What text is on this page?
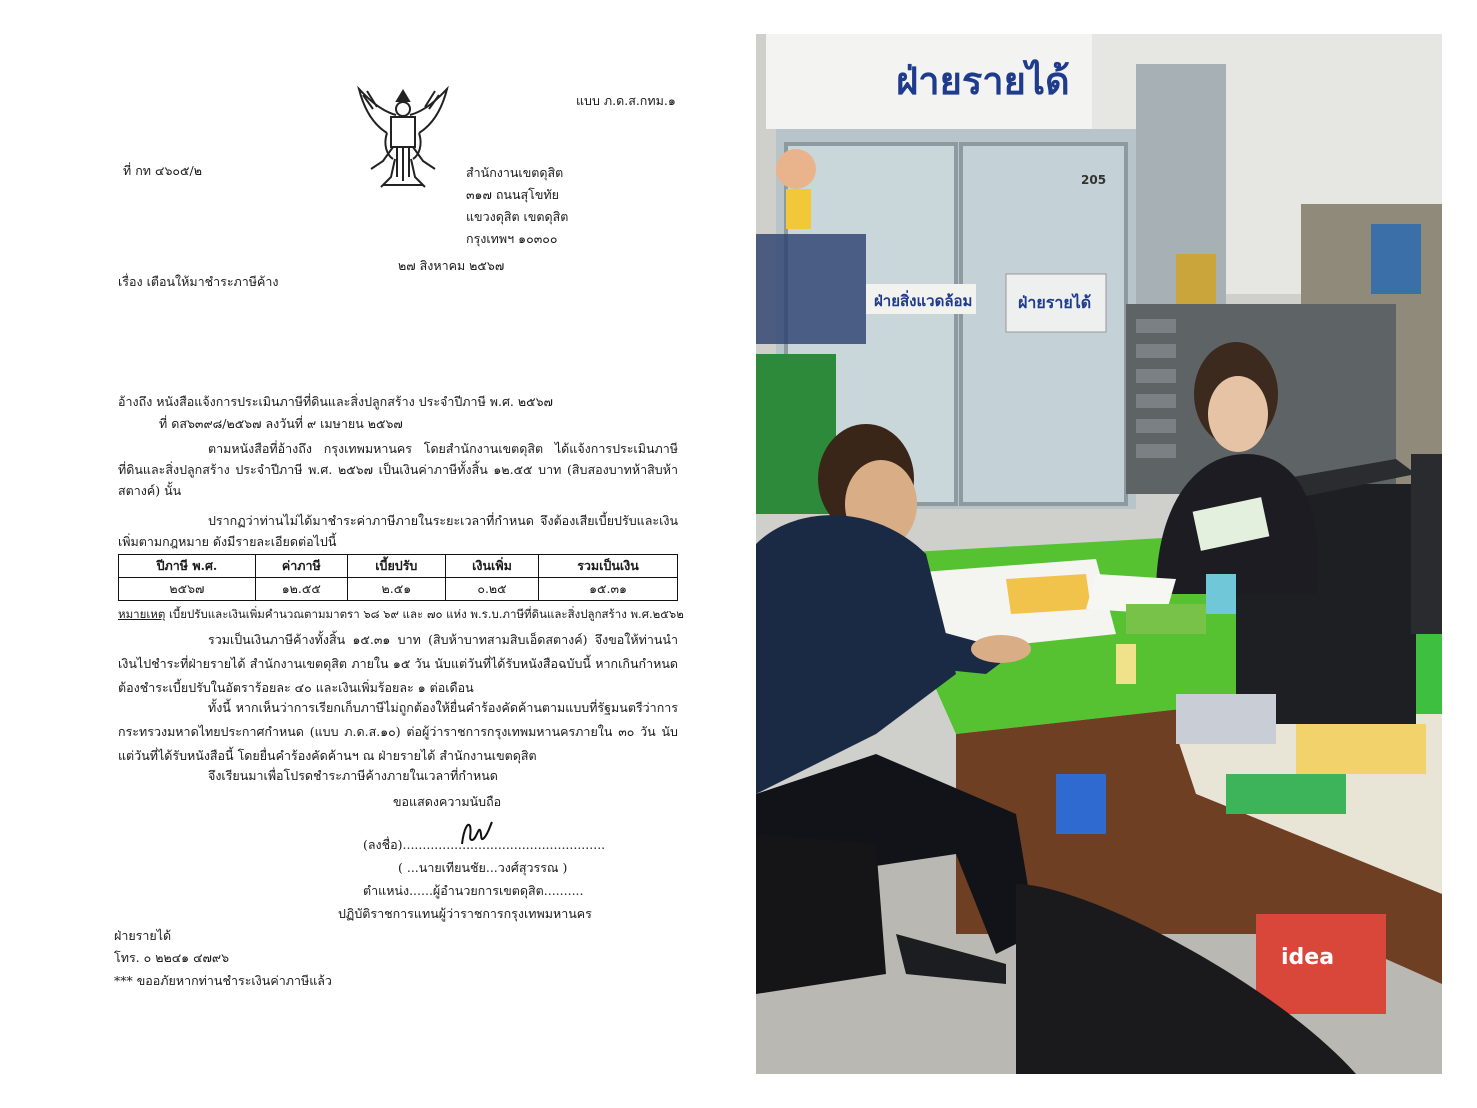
แบบ ภ.ด.ส.กทม.๑
ที่ กท ๔๖๐๕/๒	สำนักงานเขตดุสิต
๓๑๗ ถนนสุโขทัย
แขวงดุสิต เขตดุสิต
กรุงเทพฯ ๑๐๓๐๐
๒๗ สิงหาคม ๒๕๖๗
เรื่อง เตือนให้มาชำระภาษีค้าง
อ้างถึง หนังสือแจ้งการประเมินภาษีที่ดินและสิ่งปลูกสร้าง ประจำปีภาษี พ.ศ. ๒๕๖๗
ที่ ดส๖๓๙๘/๒๕๖๗ ลงวันที่ ๙ เมษายน ๒๕๖๗
ตามหนังสือที่อ้างถึง กรุงเทพมหานคร โดยสำนักงานเขตดุสิต ได้แจ้งการประเมินภาษีที่ดินและสิ่งปลูกสร้าง ประจำปีภาษี พ.ศ. ๒๕๖๗ เป็นเงินค่าภาษีทั้งสิ้น ๑๒.๕๕ บาท (สิบสองบาทห้าสิบห้าสตางค์) นั้น
ปรากฏว่าท่านไม่ได้มาชำระค่าภาษีภายในระยะเวลาที่กำหนด จึงต้องเสียเบี้ยปรับและเงินเพิ่มตามกฎหมาย ดังมีรายละเอียดต่อไปนี้
ปีภาษี พ.ศ.	ค่าภาษี	เบี้ยปรับ	เงินเพิ่ม	รวมเป็นเงิน
๒๕๖๗	๑๒.๕๕	๒.๕๑	๐.๒๕	๑๕.๓๑
หมายเหตุ เบี้ยปรับและเงินเพิ่มคำนวณตามมาตรา ๖๘ ๖๙ และ ๗๐ แห่ง พ.ร.บ.ภาษีที่ดินและสิ่งปลูกสร้าง พ.ศ.๒๕๖๒
รวมเป็นเงินภาษีค้างทั้งสิ้น ๑๕.๓๑ บาท (สิบห้าบาทสามสิบเอ็ดสตางค์) จึงขอให้ท่านนำเงินไปชำระที่ฝ่ายรายได้ สำนักงานเขตดุสิต ภายใน ๑๕ วัน นับแต่วันที่ได้รับหนังสือฉบับนี้ หากเกินกำหนดต้องชำระเบี้ยปรับในอัตราร้อยละ ๔๐ และเงินเพิ่มร้อยละ ๑ ต่อเดือน
ทั้งนี้ หากเห็นว่าการเรียกเก็บภาษีไม่ถูกต้องให้ยื่นคำร้องคัดค้านตามแบบที่รัฐมนตรีว่าการกระทรวงมหาดไทยประกาศกำหนด (แบบ ภ.ด.ส.๑๐) ต่อผู้ว่าราชการกรุงเทพมหานครภายใน ๓๐ วัน นับแต่วันที่ได้รับหนังสือนี้ โดยยื่นคำร้องคัดค้านฯ ณ ฝ่ายรายได้ สำนักงานเขตดุสิต
จึงเรียนมาเพื่อโปรดชำระภาษีค้างภายในเวลาที่กำหนด
ขอแสดงความนับถือ
(ลงชื่อ)...................................................
( ...นายเทียนชัย...วงศ์สุวรรณ )
ตำแหน่ง......ผู้อำนวยการเขตดุสิต..........
ปฏิบัติราชการแทนผู้ว่าราชการกรุงเทพมหานคร
ฝ่ายรายได้
โทร. ๐ ๒๒๔๑ ๔๗๙๖
*** ขออภัยหากท่านชำระเงินค่าภาษีแล้ว
ฝ่ายรายได้
205
ฝ่ายรายได้
ฝ่ายสิ่งแวดล้อม
idea
